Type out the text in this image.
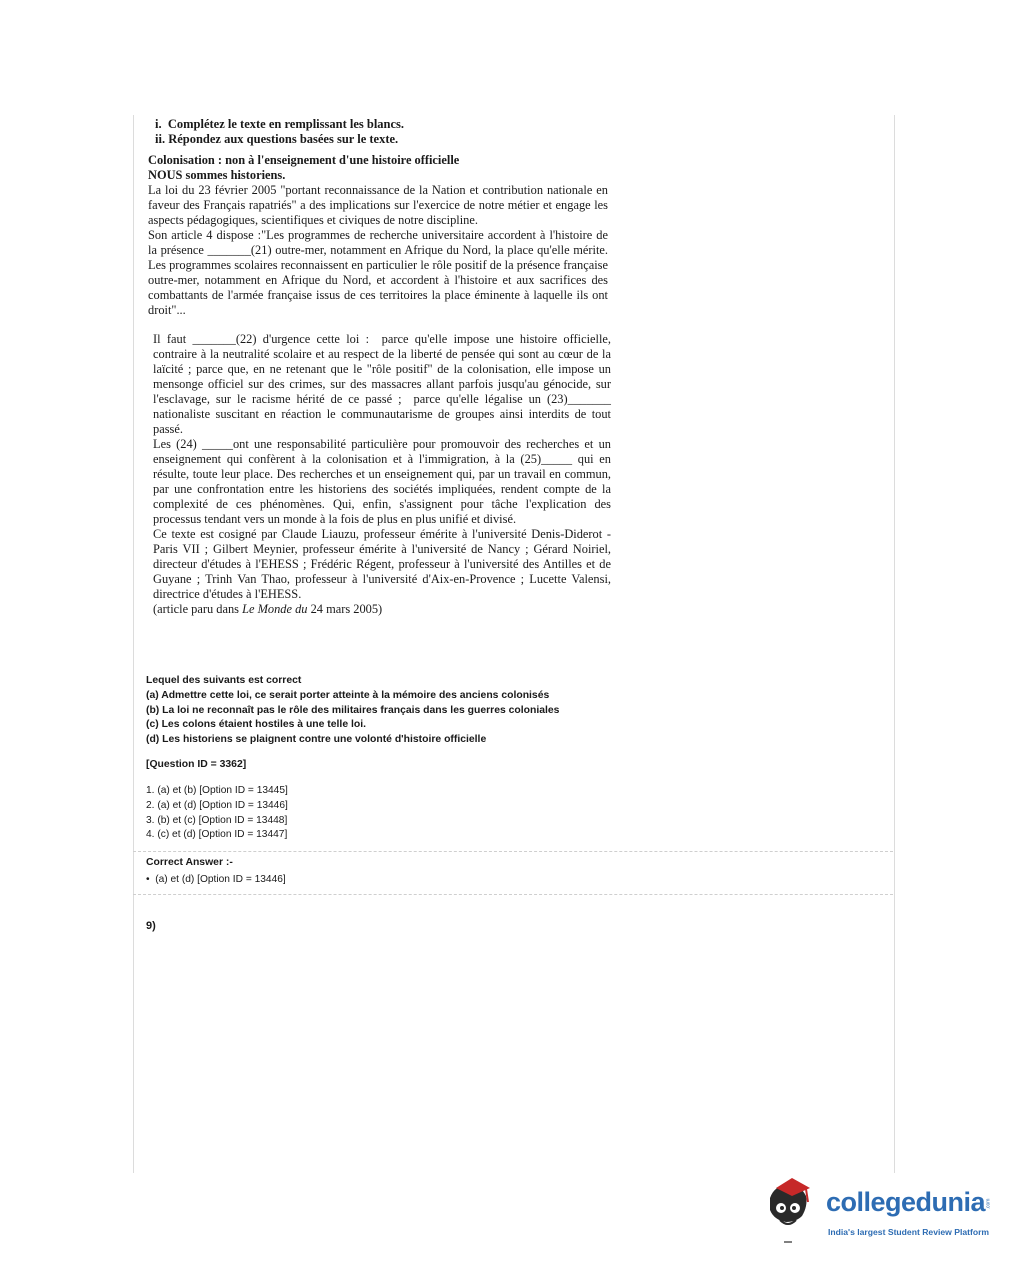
i.  Complétez le texte en remplissant les blancs.
ii. Répondez aux questions basées sur le texte.

Colonisation : non à l'enseignement d'une histoire officielle

NOUS sommes historiens.

La loi du 23 février 2005 "portant reconnaissance de la Nation et contribution nationale en faveur des Français rapatriés" a des implications sur l'exercice de notre métier et engage les aspects pédagogiques, scientifiques et civiques de notre discipline.

Son article 4 dispose :"Les programmes de recherche universitaire accordent à l'histoire de la présence _______(21) outre-mer, notamment en Afrique du Nord, la place qu'elle mérite. Les programmes scolaires reconnaissent en particulier le rôle positif de la présence française outre-mer, notamment en Afrique du Nord, et accordent à l'histoire et aux sacrifices des combattants de l'armée française issus de ces territoires la place éminente à laquelle ils ont droit"...

Il faut _______(22) d'urgence cette loi :  parce qu'elle impose une histoire officielle, contraire à la neutralité scolaire et au respect de la liberté de pensée qui sont au cœur de la laïcité ; parce que, en ne retenant que le "rôle positif" de la colonisation, elle impose un mensonge officiel sur des crimes, sur des massacres allant parfois jusqu'au génocide, sur l'esclavage, sur le racisme hérité de ce passé ;  parce qu'elle légalise un (23)_______ nationaliste suscitant en réaction le communautarisme de groupes ainsi interdits de tout passé.

Les (24) _____ont une responsabilité particulière pour promouvoir des recherches et un enseignement qui confèrent à la colonisation et à l'immigration, à la (25)_____ qui en résulte, toute leur place. Des recherches et un enseignement qui, par un travail en commun, par une confrontation entre les historiens des sociétés impliquées, rendent compte de la complexité de ces phénomènes. Qui, enfin, s'assignent pour tâche l'explication des processus tendant vers un monde à la fois de plus en plus unifié et divisé.

Ce texte est cosigné par Claude Liauzu, professeur émérite à l'université Denis-Diderot - Paris VII ; Gilbert Meynier, professeur émérite à l'université de Nancy ; Gérard Noiriel, directeur d'études à l'EHESS ; Frédéric Régent, professeur à l'université des Antilles et de Guyane ; Trinh Van Thao, professeur à l'université d'Aix-en-Provence ; Lucette Valensi, directrice d'études à l'EHESS.

(article paru dans Le Monde du 24 mars 2005)

Lequel des suivants est correct
(a) Admettre cette loi, ce serait porter atteinte à la mémoire des anciens colonisés
(b) La loi ne reconnaît pas le rôle des militaires français dans les guerres coloniales
(c) Les colons étaient hostiles à une telle loi.
(d) Les historiens se plaignent contre une volonté d'histoire officielle
[Question ID = 3362]
1. (a) et (b) [Option ID = 13445]
2. (a) et (d) [Option ID = 13446]
3. (b) et (c) [Option ID = 13448]
4. (c) et (d) [Option ID = 13447]
Correct Answer :-
•  (a) et (d) [Option ID = 13446]
9)
collegedunia .com
India's largest Student Review Platform
